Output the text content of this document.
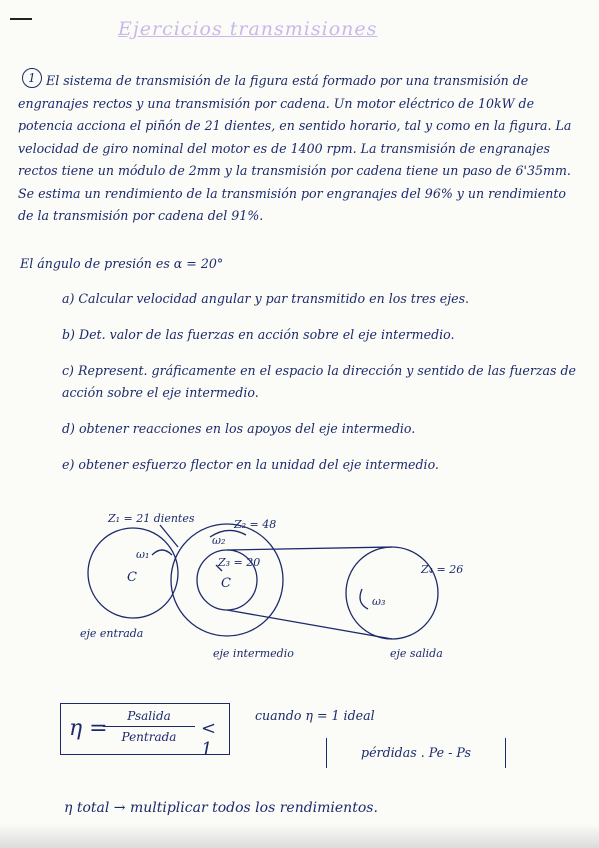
Ejercicios transmisiones
1 El sistema de transmisión de la figura está formado por una transmisión de engranajes rectos y una transmisión por cadena. Un motor eléctrico de 10kW de potencia acciona el piñón de 21 dientes, en sentido horario, tal y como en la figura. La velocidad de giro nominal del motor es de 1400 rpm. La transmisión de engranajes rectos tiene un módulo de 2mm y la transmisión por cadena tiene un paso de 6'35mm. Se estima un rendimiento de la transmisión por engranajes del 96% y un rendimiento de la transmisión por cadena del 91%.
El ángulo de presión es α = 20°
a) Calcular velocidad angular y par transmitido en los tres ejes.
b) Det. valor de las fuerzas en acción sobre el eje intermedio.
c) Represent. gráficamente en el espacio la dirección y sentido de las fuerzas de acción sobre el eje intermedio.
d) obtener reacciones en los apoyos del eje intermedio.
e) obtener esfuerzo flector en la unidad del eje intermedio.
C	C
Z₁ = 21 dientes	Z₂ = 48
Z₃ = 20
Z₄ = 26
ω₁
ω₂
ω₃
eje entrada
eje intermedio	eje salida
η =	Psalida
Pentrada	< 1
cuando η = 1 ideal
pérdidas . Pe - Ps
η total → multiplicar todos los rendimientos.
